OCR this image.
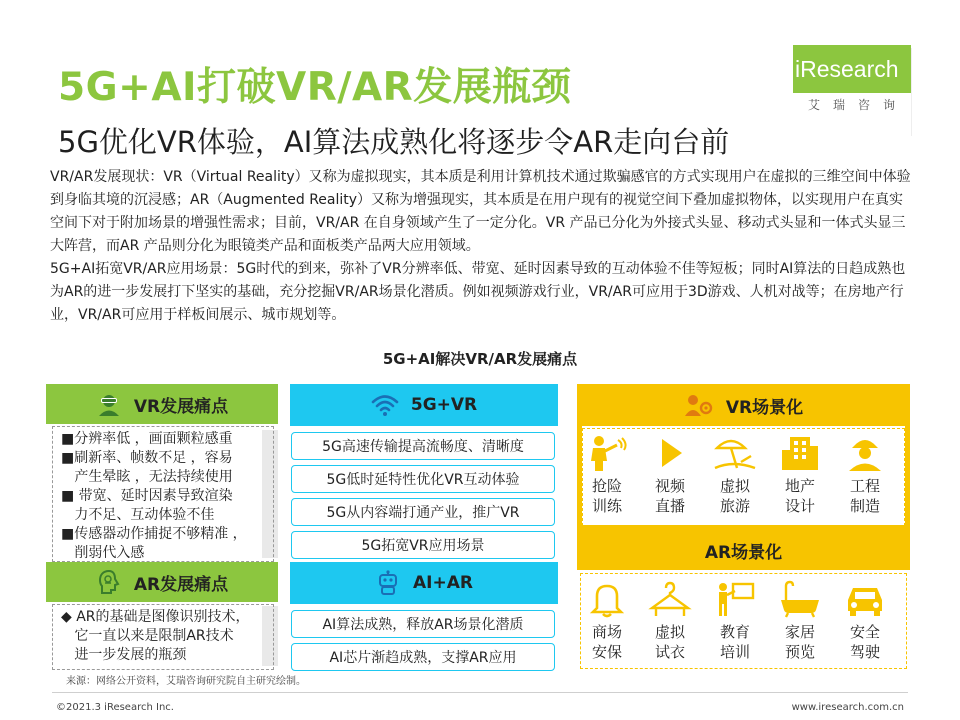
5G+AI打破VR/AR发展瓶颈
5G优化VR体验，AI算法成熟化将逐步令AR走向台前
iResearch
艾瑞咨询

VR/AR发展现状：VR（Virtual Reality）又称为虚拟现实，其本质是利用计算机技术通过欺骗感官的方式实现用户在虚拟的三维空间中体验到身临其境的沉浸感；AR（Augmented Reality）又称为增强现实，其本质是在用户现有的视觉空间下叠加虚拟物体，以实现用户在真实空间下对于附加场景的增强性需求；目前，VR/AR 在自身领域产生了一定分化。VR 产品已分化为外接式头显、移动式头显和一体式头显三大阵营，而AR 产品则分化为眼镜类产品和面板类产品两大应用领域。

5G+AI拓宽VR/AR应用场景：5G时代的到来，弥补了VR分辨率低、带宽、延时因素导致的互动体验不佳等短板；同时AI算法的日趋成熟也为AR的进一步发展打下坚实的基础，充分挖掘VR/AR场景化潜质。例如视频游戏行业，VR/AR可应用于3D游戏、人机对战等；在房地产行业，VR/AR可应用于样板间展示、城市规划等。

5G+AI解决VR/AR发展痛点
VR发展痛点
■分辨率低 ，画面颗粒感重
■刷新率、帧数不足 ，容易
产生晕眩 ，无法持续使用
■ 带宽、延时因素导致渲染
力不足、互动体验不佳
■传感器动作捕捉不够精准 ，
削弱代入感
AR发展痛点
◆ AR的基础是图像识别技术，
它一直以来是限制AR技术
进一步发展的瓶颈
5G+VR
5G高速传输提高流畅度、清晰度
5G低时延特性优化VR互动体验
5G从内容端打通产业，推广VR
5G拓宽VR应用场景
AI+AR
AI算法成熟，释放AR场景化潜质
AI芯片渐趋成熟，支撑AR应用
VR场景化
抢险
训练
视频
直播
虚拟
旅游
地产
设计
工程
制造
AR场景化
商场
安保
虚拟
试衣
教育
培训
家居
预览
安全
驾驶
来源：网络公开资料，艾瑞咨询研究院自主研究绘制。
©2021.3 iResearch Inc.	www.iresearch.com.cn
